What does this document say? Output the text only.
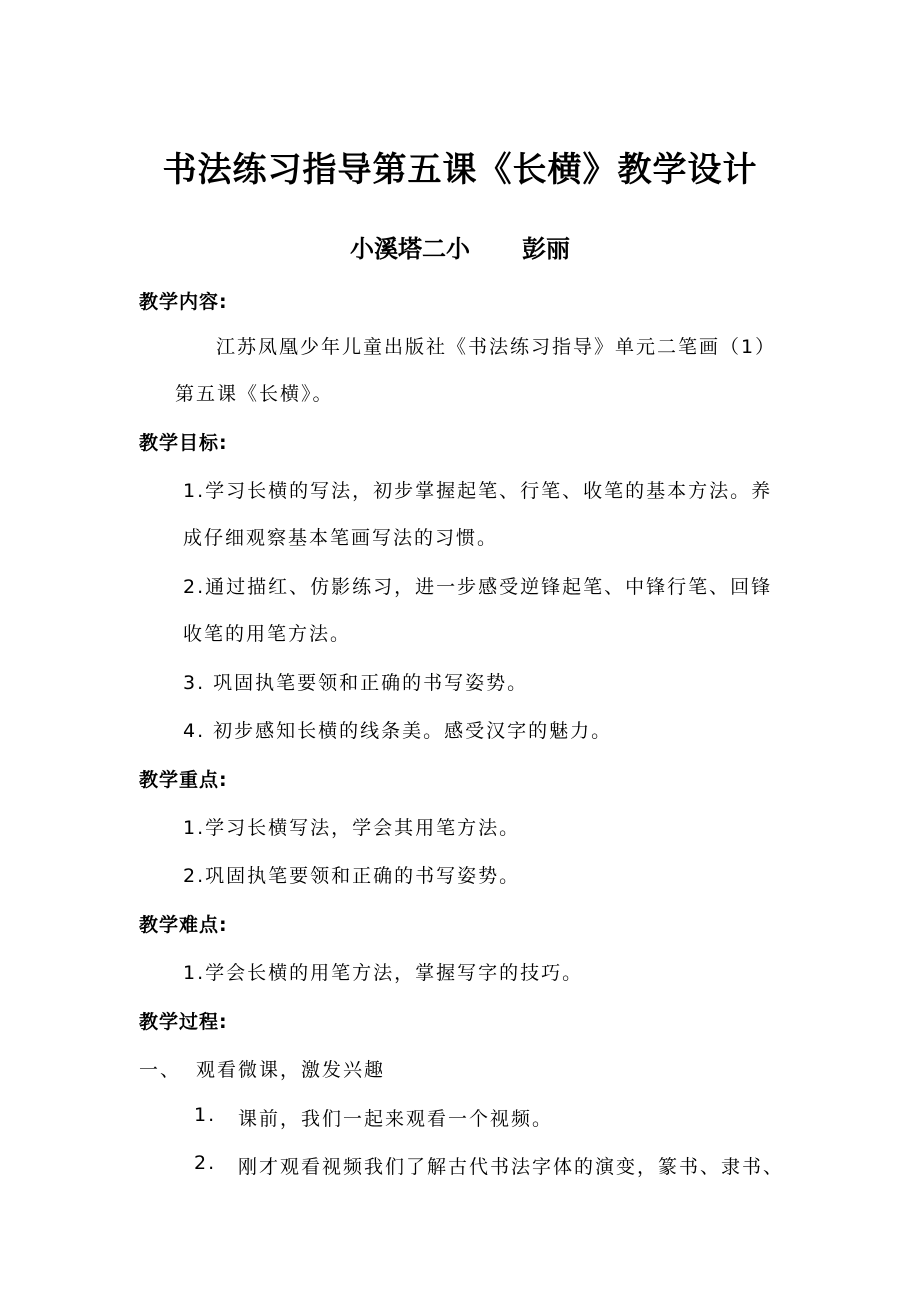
书法练习指导第五课《长横》教学设计
小溪塔二小 彭丽
教学内容:
江苏凤凰少年儿童出版社《书法练习指导》单元二笔画（1）
第五课《长横》。
教学目标:
1.学习长横的写法，初步掌握起笔、行笔、收笔的基本方法。养
成仔细观察基本笔画写法的习惯。
2.通过描红、仿影练习，进一步感受逆锋起笔、中锋行笔、回锋
收笔的用笔方法。
3. 巩固执笔要领和正确的书写姿势。
4. 初步感知长横的线条美。感受汉字的魅力。
教学重点:
1.学习长横写法，学会其用笔方法。
2.巩固执笔要领和正确的书写姿势。
教学难点:
1.学会长横的用笔方法，掌握写字的技巧。
教学过程:
一、 观看微课，激发兴趣
1. 课前，我们一起来观看一个视频。
2. 刚才观看视频我们了解古代书法字体的演变，篆书、隶书、
